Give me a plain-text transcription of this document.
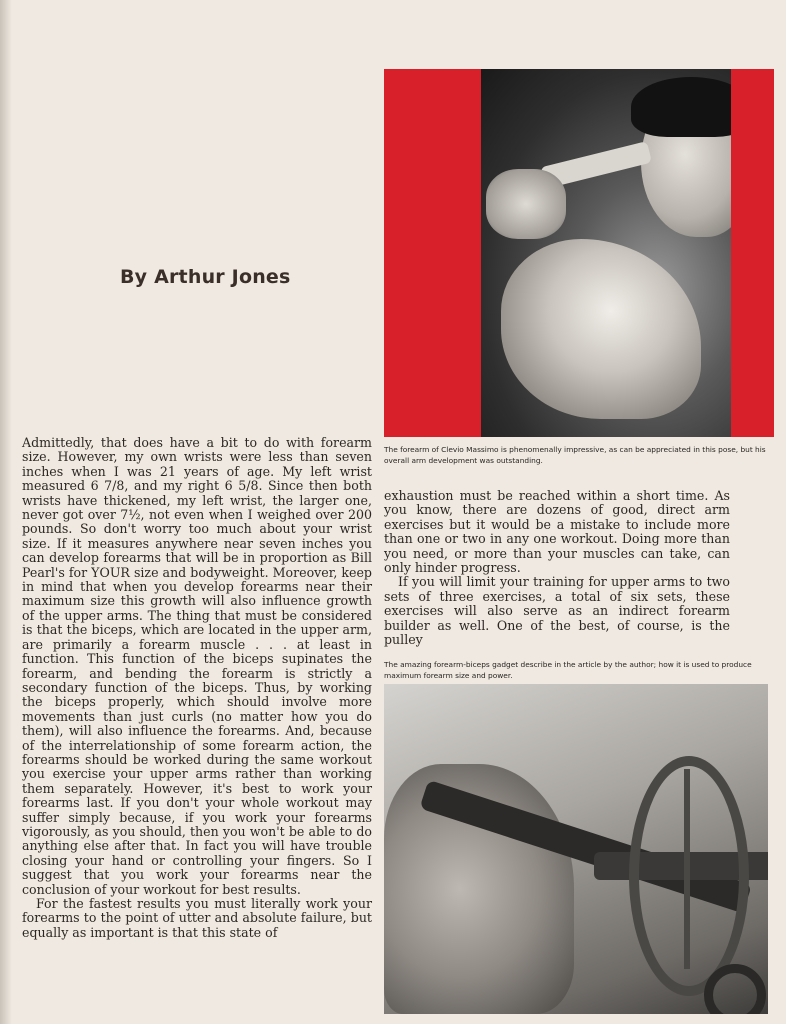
By Arthur Jones
The forearm of Clevio Massimo is phenomenally impressive, as can be appreciated in this pose, but his overall arm development was outstanding.

Admittedly, that does have a bit to do with forearm size. However, my own wrists were less than seven inches when I was 21 years of age. My left wrist measured 6 7/8, and my right 6 5/8. Since then both wrists have thickened, my left wrist, the larger one, never got over 7½, not even when I weighed over 200 pounds. So don't worry too much about your wrist size. If it measures anywhere near seven inches you can develop forearms that will be in proportion as Bill Pearl's for YOUR size and bodyweight. Moreover, keep in mind that when you develop forearms near their maximum size this growth will also influence growth of the upper arms. The thing that must be considered is that the biceps, which are located in the upper arm, are primarily a forearm muscle . . . at least in function. This function of the biceps supinates the forearm, and bending the forearm is strictly a secondary function of the biceps. Thus, by working the biceps properly, which should involve more movements than just curls (no matter how you do them), will also influence the forearms. And, because of the interrelationship of some forearm action, the forearms should be worked during the same workout you exercise your upper arms rather than working them separately. However, it's best to work your forearms last. If you don't your whole workout may suffer simply because, if you work your forearms vigorously, as you should, then you won't be able to do anything else after that. In fact you will have trouble closing your hand or controlling your fingers. So I suggest that you work your forearms near the conclusion of your workout for best results.

For the fastest results you must literally work your forearms to the point of utter and absolute failure, but equally as important is that this state of

exhaustion must be reached within a short time. As you know, there are dozens of good, direct arm exercises but it would be a mistake to include more than one or two in any one workout. Doing more than you need, or more than your muscles can take, can only hinder progress.

If you will limit your training for upper arms to two sets of three exercises, a total of six sets, these exercises will also serve as an indirect forearm builder as well. One of the best, of course, is the pulley

The amazing forearm-biceps gadget describe in the article by the author; how it is used to produce maximum forearm size and power.
